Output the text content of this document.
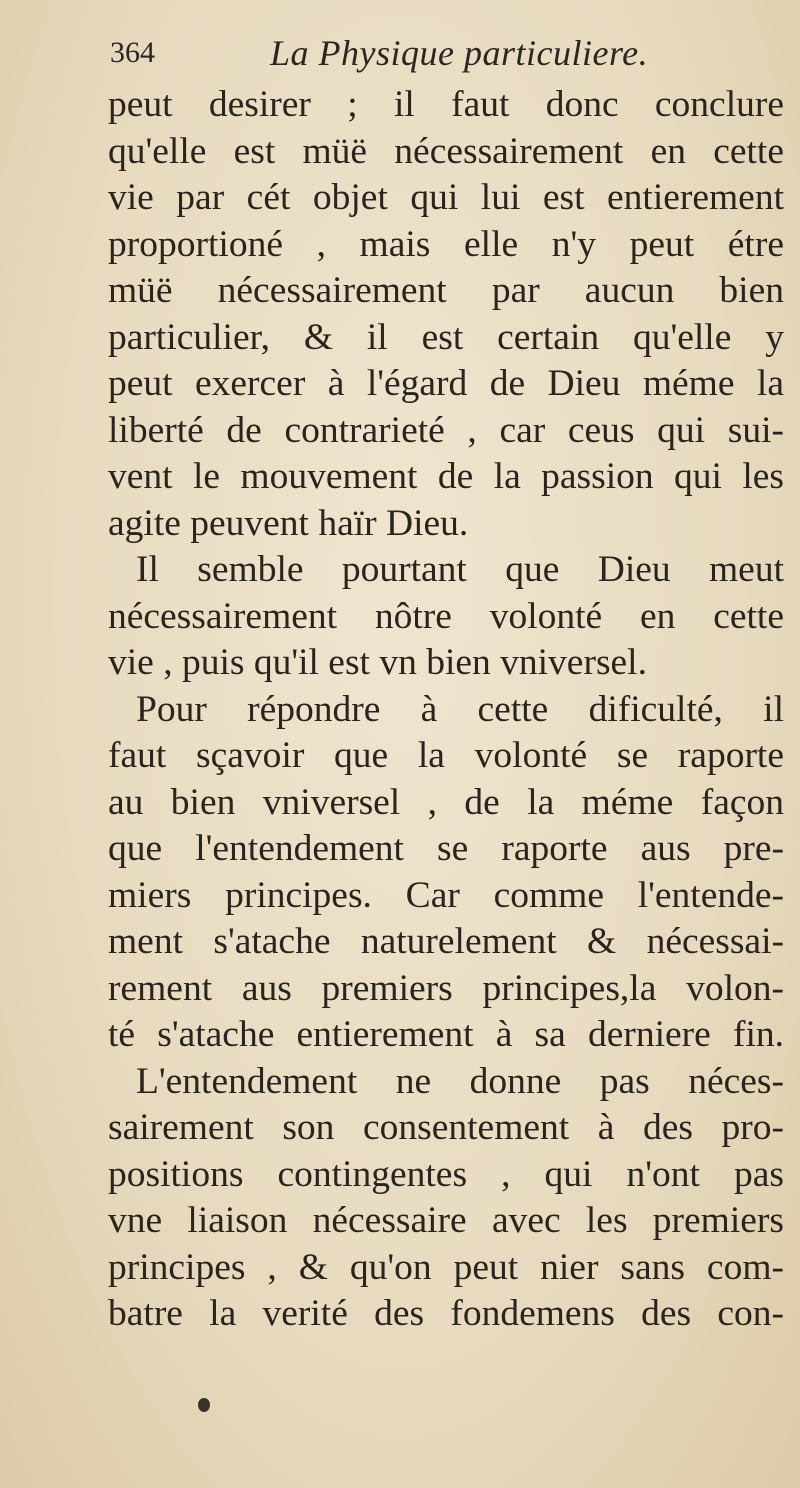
364	La Physique particuliere.
peut desirer ; il faut donc conclure
qu'elle est müë nécessairement en cette
vie par cét objet qui lui est entierement
proportioné , mais elle n'y peut étre
müë nécessairement par aucun bien
particulier, & il est certain qu'elle y
peut exercer à l'égard de Dieu méme la
liberté de contrarieté , car ceus qui sui-
vent le mouvement de la passion qui les
agite peuvent haïr Dieu.
Il semble pourtant que Dieu meut
nécessairement nôtre volonté en cette
vie , puis qu'il est vn bien vniversel.
Pour répondre à cette dificulté, il
faut sçavoir que la volonté se raporte
au bien vniversel , de la méme façon
que l'entendement se raporte aus pre-
miers principes. Car comme l'entende-
ment s'atache naturelement & nécessai-
rement aus premiers principes,la volon-
té s'atache entierement à sa derniere fin.
L'entendement ne donne pas néces-
sairement son consentement à des pro-
positions contingentes , qui n'ont pas
vne liaison nécessaire avec les premiers
principes , & qu'on peut nier sans com-
batre la verité des fondemens des con-
